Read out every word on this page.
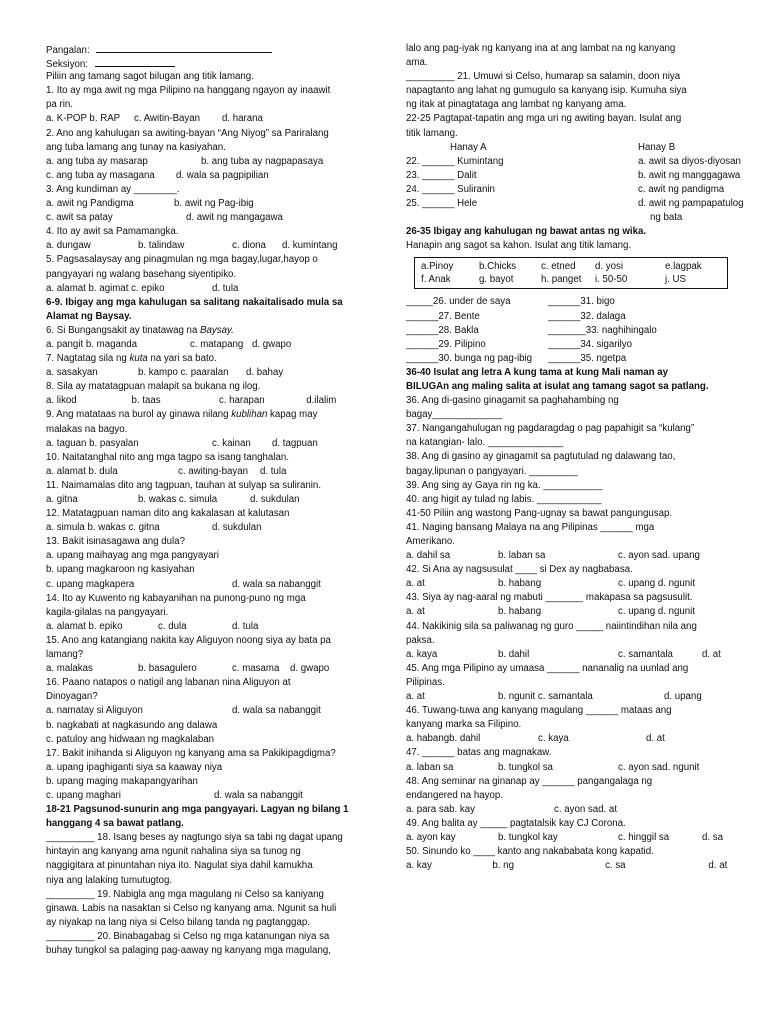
Pangalan:
Seksiyon:
Piliin ang tamang sagot bilugan ang titik lamang.
1. Ito ay mga awit ng mga Pilipino na hanggang ngayon ay inaawit
pa rin.
a. K-POP b. RAP	c. Awitin-Bayan	d. harana
2. Ano ang kahulugan sa awiting-bayan “Ang Niyog” sa Pariralang
ang tuba lamang ang tunay na kasiyahan.
a. ang tuba ay masarap	b. ang tuba ay nagpapasaya
c. ang tuba ay masagana	d. wala sa pagpipilian
3. Ang kundiman ay ________.
a. awit ng Pandigma	b. awit ng Pag-ibig
c. awit sa patay	d. awit ng mangagawa
4. Ito ay awit sa Pamamangka.
a. dungaw	b. talindaw	c. diona	d. kumintang
5. Pagsasalaysay ang pinagmulan ng mga bagay,lugar,hayop o
pangyayari ng walang basehang siyentipiko.
a. alamat b. agimat c. epiko	d. tula
6-9. Ibigay ang mga kahulugan sa salitang nakaitalisado mula sa
Alamat ng Baysay.
6. Si Bungangsakit ay tinatawag na Baysay.
a. pangit b. maganda	c. matapang d. gwapo
7. Nagtatag sila ng kuta na yari sa bato.
a. sasakyan	b. kampo c. paaralan	d. bahay
8. Sila ay matatagpuan malapit sa bukana ng ilog.
a. likod	b. taas	c. harapan	d.ilalim
9. Ang matataas na burol ay ginawa nilang kublihan kapag may
malakas na bagyo.
a. taguan b. pasyalan	c. kainan	d. tagpuan
10. Naitatanghal nito ang mga tagpo sa isang tanghalan.
a. alamat b. dula	c. awiting-bayan	d. tula
11. Naimamalas dito ang tagpuan, tauhan at sulyap sa suliranin.
a. gitna	b. wakas c. simula	d. sukdulan
12. Matatagpuan naman dito ang kakalasan at kalutasan
a. simula b. wakas c. gitna	d. sukdulan
13. Bakit isinasagawa ang dula?
a. upang maihayag ang mga pangyayari
b. upang magkaroon ng kasiyahan
c. upang magkapera	d. wala sa nabanggit
14. Ito ay Kuwento ng kabayanihan na punong-puno ng mga
kagila-gilalas na pangyayari.
a. alamat b. epiko	c. dula	d. tula
15. Ano ang katangiang nakita kay Aliguyon noong siya ay bata pa
lamang?
a. malakas	b. basagulero	c. masama	d. gwapo
16. Paano natapos o natigil ang labanan nina Aliguyon at
Dinoyagan?
a. namatay si Aliguyon	d. wala sa nabanggit
b. nagkabati at nagkasundo ang dalawa
c. patuloy ang hidwaan ng magkalaban
17. Bakit inihanda si Aliguyon ng kanyang ama sa Pakikipagdigma?
a. upang ipaghiganti siya sa kaaway niya
b. upang maging makapangyarihan
c. upang maghari	d. wala sa nabanggit
18-21 Pagsunod-sunurin ang mga pangyayari. Lagyan ng bilang 1
hanggang 4 sa bawat patlang.
_________ 18. Isang beses ay nagtungo siya sa tabi ng dagat upang
hintayin ang kanyang ama ngunit nahalina siya sa tunog ng
naggigitara at pinuntahan niya ito. Nagulat siya dahil kamukha
niya ang lalaking tumutugtog.
_________ 19. Nabigla ang mga magulang ni Celso sa kaniyang
ginawa. Labis na nasaktan si Celso ng kanyang ama. Ngunit sa huli
ay niyakap na lang niya si Celso bilang tanda ng pagtanggap.
_________ 20. Binabagabag si Celso ng mga katanungan niya sa
buhay tungkol sa palaging pag-aaway ng kanyang mga magulang,
lalo ang pag-iyak ng kanyang ina at ang lambat na ng kanyang
ama.
_________ 21. Umuwi si Celso, humarap sa salamin, doon niya
napagtanto ang lahat ng gumugulo sa kanyang isip. Kumuha siya
ng itak at pinagtataga ang lambat ng kanyang ama.
22-25 Pagtapat-tapatin ang mga uri ng awiting bayan. Isulat ang
titik lamang.
Hanay A	Hanay B
22. ______ Kumintang	a. awit sa diyos-diyosan
23. ______ Dalit	b. awit ng manggagawa
24. ______ Suliranin	c. awit ng pandigma
25. ______ Hele	d. awit ng pampapatulog
	ng bata
26-35 Ibigay ang kahulugan ng bawat antas ng wika.
Hanapin ang sagot sa kahon. Isulat ang titik lamang.
a.Pinoy	b.Chicks	c. etned	d. yosi	e.lagpak
f. Anak	g. bayot	h. panget	i. 50-50	j. US
_____26. under de saya	______31. bigo
______27. Bente	______32. dalaga
______28. Bakla	_______33. naghihingalo
______29. Pilipino	______34. sigarilyo
______30. bunga ng pag-ibig	______35. ngetpa
36-40 Isulat ang letra A kung tama at kung Mali naman ay
BILUGAn ang maling salita at isulat ang tamang sagot sa patlang.
36. Ang di-gasino ginagamit sa paghahambing ng
bagay_____________
37. Nangangahulugan ng pagdaragdag o pag papahigit sa “kulang”
na katangian- lalo. ______________
38. Ang di gasino ay ginagamit sa pagtutulad ng dalawang tao,
bagay,lipunan o pangyayari. _________
39. Ang sing ay Gaya rin ng ka. ___________
40. ang higit ay tulad ng labis. ____________
41-50 Piliin ang wastong Pang-ugnay sa bawat pangungusap.
41. Naging bansang Malaya na ang Pilipinas ______ mga
Amerikano.
a. dahil sa	b. laban sa	c. ayon sad. upang
42. Si Ana ay nagsusulat ____ si Dex ay nagbabasa.
a. at	b. habang	c. upang d. ngunit
43. Siya ay nag-aaral ng mabuti _______ makapasa sa pagsusulit.
a. at	b. habang	c. upang d. ngunit
44. Nakikinig sila sa paliwanag ng guro _____ naiintindihan nila ang
paksa.
a. kaya	b. dahil	c. samantala	d. at
45. Ang mga Pilipino ay umaasa ______ nananalig na uunlad ang
Pilipinas.
a. at	b. ngunit c. samantala	d. upang
46. Tuwang-tuwa ang kanyang magulang ______ mataas ang
kanyang marka sa Filipino.
a. habangb. dahil	c. kaya	d. at
47. ______ batas ang magnakaw.
a. laban sa	b. tungkol sa	c. ayon sad. ngunit
48. Ang seminar na ginanap ay ______ pangangalaga ng
endangered na hayop.
a. para sab. kay	c. ayon sad. at
49. Ang balita ay _____ pagtatalsik kay CJ Corona.
a. ayon kay	b. tungkol kay	c. hinggil sa	d. sa
50. Sinundo ko ____ kanto ang nakababata kong kapatid.
a. kay	b. ng	c. sa	d. at
